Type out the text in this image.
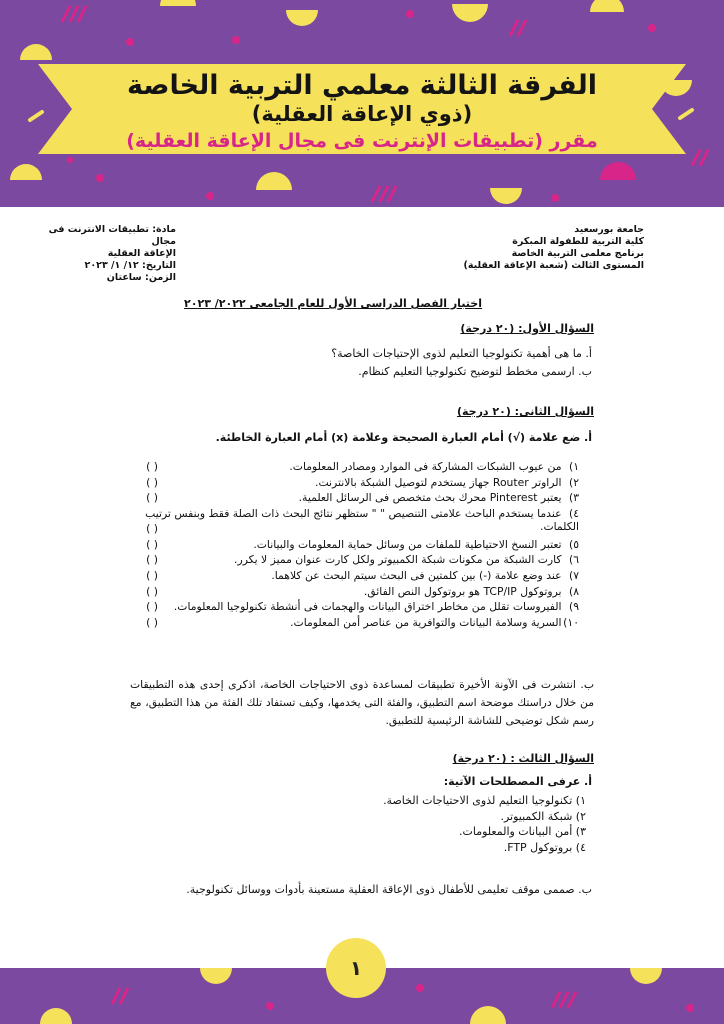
الفرقة الثالثة معلمي التربية الخاصة
(ذوي الإعاقة العقلية)
مقرر (تطبيقات الإنترنت فى مجال الإعاقة العقلية)
جامعة بورسعيد
كلية التربية للطفولة المبكرة
برنامج معلمى التربية الخاصة
المستوى الثالث (شعبة الإعاقة العقلية)
مادة: تطبيقات الانترنت فى مجال
الإعاقة العقلية
التاريخ: ١٢/ ١/ ٢٠٢٣
الزمن: ساعتان
اختبار الفصل الدراسى الأول للعام الجامعى ٢٠٢٢/ ٢٠٢٣
السؤال الأول: (٢٠ درجة)
أ. ما هى أهمية تكنولوجيا التعليم لذوى الإحتياجات الخاصة؟
ب. ارسمى مخطط لتوضيح تكنولوجيا التعليم كنظام.
السؤال الثانى: (٢٠ درجة)
أ. ضع علامة (√) أمام العبارة الصحيحة وعلامة (x) أمام العبارة الخاطئة.
١) من عيوب الشبكات المشاركة فى الموارد ومصادر المعلومات.
( )
٢) الراوتر Router جهاز يستخدم لتوصيل الشبكة بالانترنت.
( )
٣) يعتبر Pinterest محرك بحث متخصص فى الرسائل العلمية.
( )
٤) عندما يستخدم الباحث علامتى التنصيص " " ستظهر نتائج البحث ذات الصلة فقط وبنفس ترتيب الكلمات.
( )
٥) تعتبر النسخ الاحتياطية للملفات من وسائل حماية المعلومات والبيانات.
( )
٦) كارت الشبكة من مكونات شبكة الكمبيوتر ولكل كارت عنوان مميز لا يكرر.
( )
٧) عند وضع علامة (-) بين كلمتين فى البحث سيتم البحث عن كلاهما.
( )
٨) بروتوكول TCP/IP هو بروتوكول النص الفائق.
( )
٩) الفيروسات تقلل من مخاطر اختراق البيانات والهجمات فى أنشطة تكنولوجيا المعلومات.
( )
١٠) السرية وسلامة البيانات والتوافرية من عناصر أمن المعلومات.
( )
ب. انتشرت فى الآونة الأخيرة تطبيقات لمساعدة ذوى الاحتياجات الخاصة، اذكرى إحدى هذه التطبيقات من خلال دراستك موضحة اسم التطبيق، والفئة التى يخدمها، وكيف تستفاد تلك الفئة من هذا التطبيق، مع رسم شكل توضيحى للشاشة الرئيسية للتطبيق.
السؤال الثالث : (٢٠ درجة)
أ. عرفى المصطلحات الآتية:
١) تكنولوجيا التعليم لذوى الاحتياجات الخاصة.
٢) شبكة الكمبيوتر.
٣) أمن البيانات والمعلومات.
٤) بروتوكول FTP.
ب. صممى موقف تعليمى للأطفال ذوى الإعاقة العقلية مستعينة بأدوات ووسائل تكنولوجية.
١
